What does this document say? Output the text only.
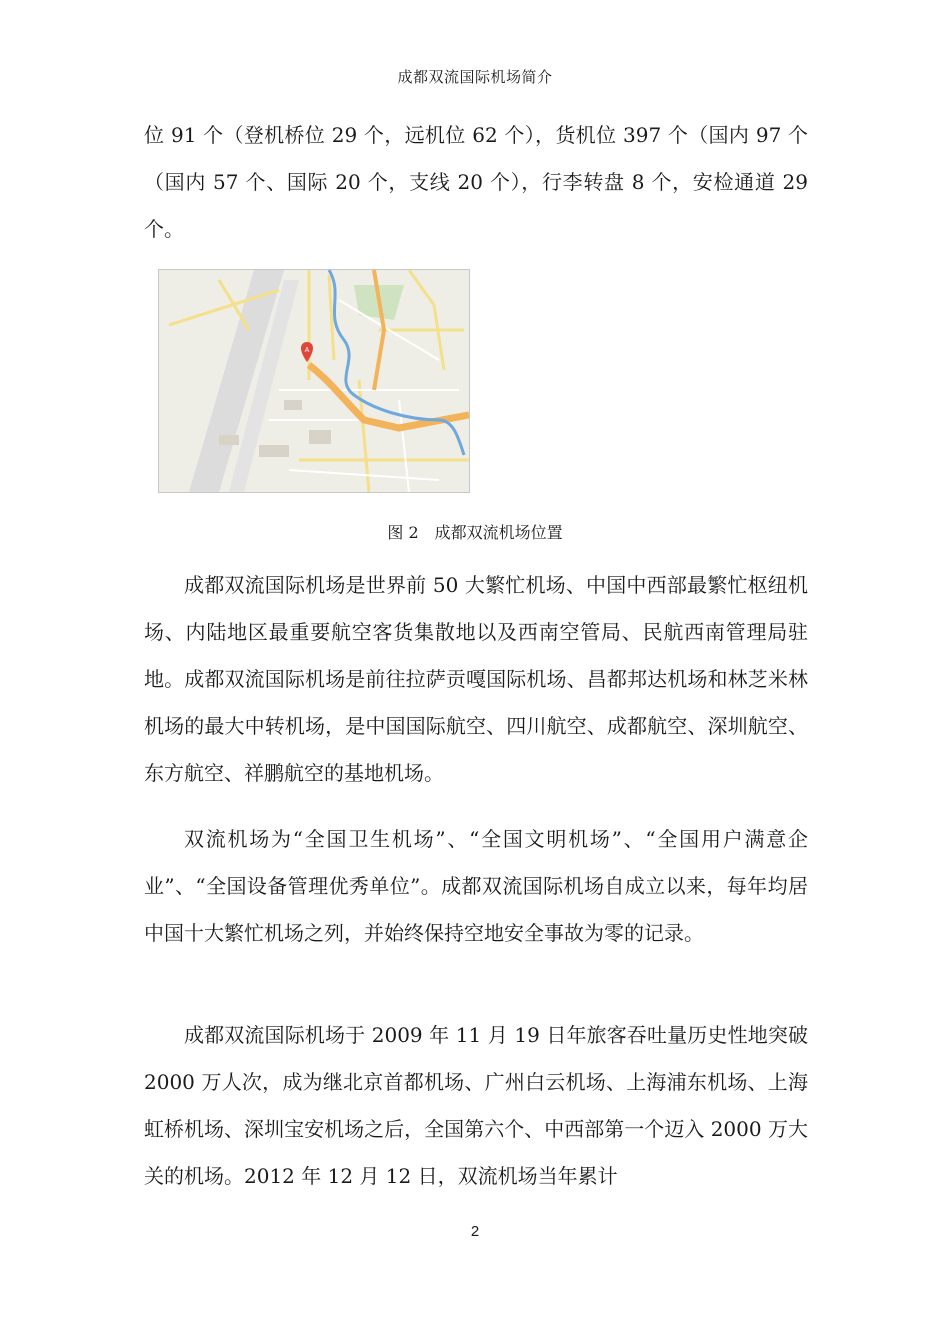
成都双流国际机场简介

位 91 个（登机桥位 29 个，远机位 62 个），货机位 397 个（国内 97 个（国内 57 个、国际 20 个，支线 20 个），行李转盘 8 个，安检通道 29 个。

A
图 2　成都双流机场位置

成都双流国际机场是世界前 50 大繁忙机场、中国中西部最繁忙枢纽机场、内陆地区最重要航空客货集散地以及西南空管局、民航西南管理局驻地。成都双流国际机场是前往拉萨贡嘎国际机场、昌都邦达机场和林芝米林机场的最大中转机场，是中国国际航空、四川航空、成都航空、深圳航空、东方航空、祥鹏航空的基地机场。

双流机场为“全国卫生机场”、“全国文明机场”、“全国用户满意企业”、“全国设备管理优秀单位”。成都双流国际机场自成立以来，每年均居中国十大繁忙机场之列，并始终保持空地安全事故为零的记录。

成都双流国际机场于 2009 年 11 月 19 日年旅客吞吐量历史性地突破 2000 万人次，成为继北京首都机场、广州白云机场、上海浦东机场、上海虹桥机场、深圳宝安机场之后，全国第六个、中西部第一个迈入 2000 万大关的机场。2012 年 12 月 12 日，双流机场当年累计

2
